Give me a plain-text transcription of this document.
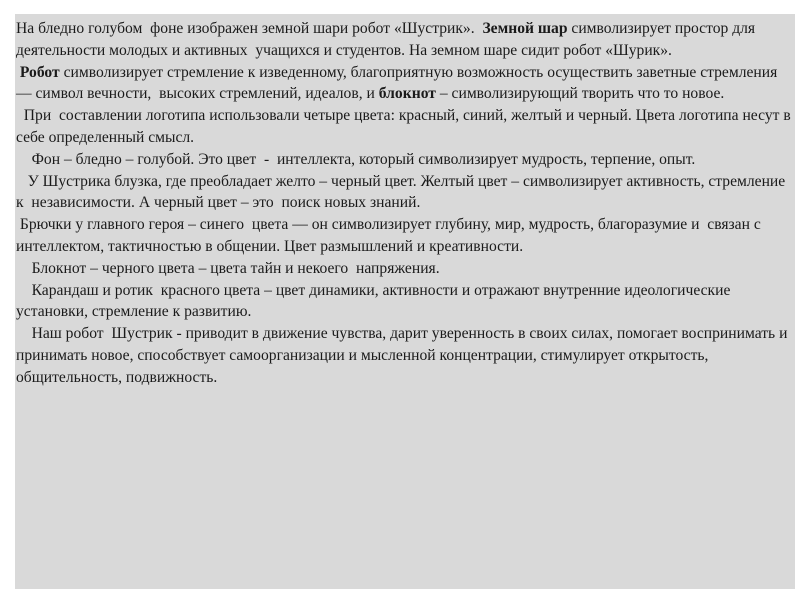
На бледно голубом  фоне изображен земной шари робот «Шустрик».  Земной шар символизирует простор для деятельности молодых и активных  учащихся и студентов. На земном шаре сидит робот «Шурик».

Робот символизирует стремление к изведенному, благоприятную возможность осуществить заветные стремления — символ вечности,  высоких стремлений, идеалов, и блокнот – символизирующий творить что то новое.

При  составлении логотипа использовали четыре цвета: красный, синий, желтый и черный. Цвета логотипа несут в себе определенный смысл.

Фон – бледно – голубой. Это цвет  -  интеллекта, который символизирует мудрость, терпение, опыт.

У Шустрика блузка, где преобладает желто – черный цвет. Желтый цвет – символизирует активность, стремление к  независимости. А черный цвет – это  поиск новых знаний.

Брючки у главного героя – синего  цвета — он символизирует глубину, мир, мудрость, благоразумие и  связан с интеллектом, тактичностью в общении. Цвет размышлений и креативности.

Блокнот – черного цвета – цвета тайн и некоего  напряжения.

Карандаш и ротик  красного цвета – цвет динамики, активности и отражают внутренние идеологические установки, стремление к развитию.

Наш робот  Шустрик - приводит в движение чувства, дарит уверенность в своих силах, помогает воспринимать и принимать новое, способствует самоорганизации и мысленной концентрации, стимулирует открытость, общительность, подвижность.
